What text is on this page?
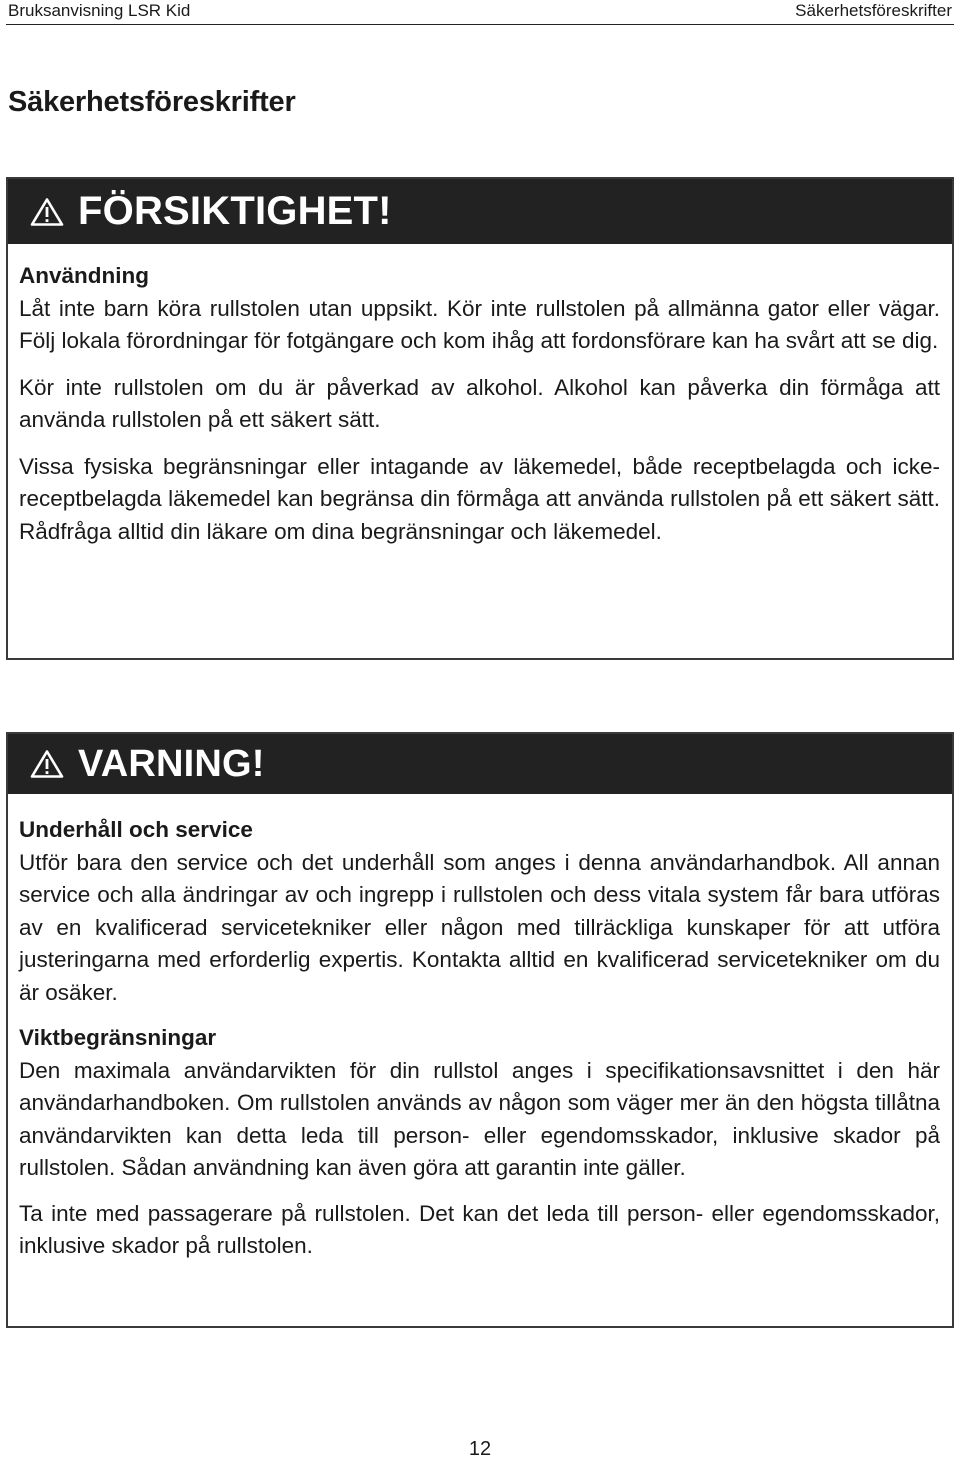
Bruksanvisning LSR Kid	Säkerhetsföreskrifter
Säkerhetsföreskrifter
FÖRSIKTIGHET!
Användning

Låt inte barn köra rullstolen utan uppsikt. Kör inte rullstolen på allmänna gator eller vägar. Följ lokala förordningar för fotgängare och kom ihåg att fordonsförare kan ha svårt att se dig.

Kör inte rullstolen om du är påverkad av alkohol. Alkohol kan påverka din förmåga att använda rullstolen på ett säkert sätt.

Vissa fysiska begränsningar eller intagande av läkemedel, både receptbelagda och icke-receptbelagda läkemedel kan begränsa din förmåga att använda rullstolen på ett säkert sätt. Rådfråga alltid din läkare om dina begränsningar och läkemedel.

VARNING!
Underhåll och service

Utför bara den service och det underhåll som anges i denna användarhandbok. All annan service och alla ändringar av och ingrepp i rullstolen och dess vitala system får bara utföras av en kvalificerad servicetekniker eller någon med tillräckliga kunskaper för att utföra justeringarna med erforderlig expertis. Kontakta alltid en kvalificerad servicetekniker om du är osäker.

Viktbegränsningar

Den maximala användarvikten för din rullstol anges i specifikationsavsnittet i den här användarhandboken. Om rullstolen används av någon som väger mer än den högsta tillåtna användarvikten kan detta leda till person- eller egendomsskador, inklusive skador på rullstolen. Sådan användning kan även göra att garantin inte gäller.

Ta inte med passagerare på rullstolen. Det kan det leda till person- eller egendomsskador, inklusive skador på rullstolen.

12
